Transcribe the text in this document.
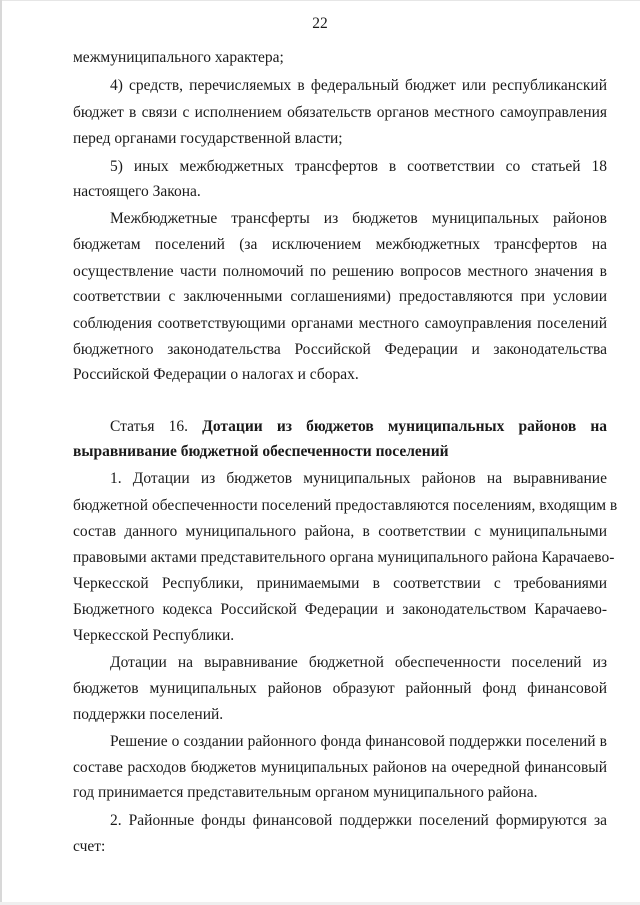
22
межмуниципального характера;
4) средств, перечисляемых в федеральный бюджет или республиканский
бюджет в связи с исполнением обязательств органов местного самоуправления
перед органами государственной власти;
5) иных межбюджетных трансфертов в соответствии со статьей 18
настоящего Закона.
Межбюджетные трансферты из бюджетов муниципальных районов
бюджетам поселений (за исключением межбюджетных трансфертов на
осуществление части полномочий по решению вопросов местного значения в
соответствии с заключенными соглашениями) предоставляются при условии
соблюдения соответствующими органами местного самоуправления поселений
бюджетного законодательства Российской Федерации и законодательства
Российской Федерации о налогах и сборах.
Статья 16. Дотации из бюджетов муниципальных районов на
выравнивание бюджетной обеспеченности поселений
1. Дотации из бюджетов муниципальных районов на выравнивание
бюджетной обеспеченности поселений предоставляются поселениям, входящим в
состав данного муниципального района, в соответствии с муниципальными
правовыми актами представительного органа муниципального района Карачаево-
Черкесской Республики, принимаемыми в соответствии с требованиями
Бюджетного кодекса Российской Федерации и законодательством Карачаево-
Черкесской Республики.
Дотации на выравнивание бюджетной обеспеченности поселений из
бюджетов муниципальных районов образуют районный фонд финансовой
поддержки поселений.
Решение о создании районного фонда финансовой поддержки поселений в
составе расходов бюджетов муниципальных районов на очередной финансовый
год принимается представительным органом муниципального района.
2. Районные фонды финансовой поддержки поселений формируются за
счет:
